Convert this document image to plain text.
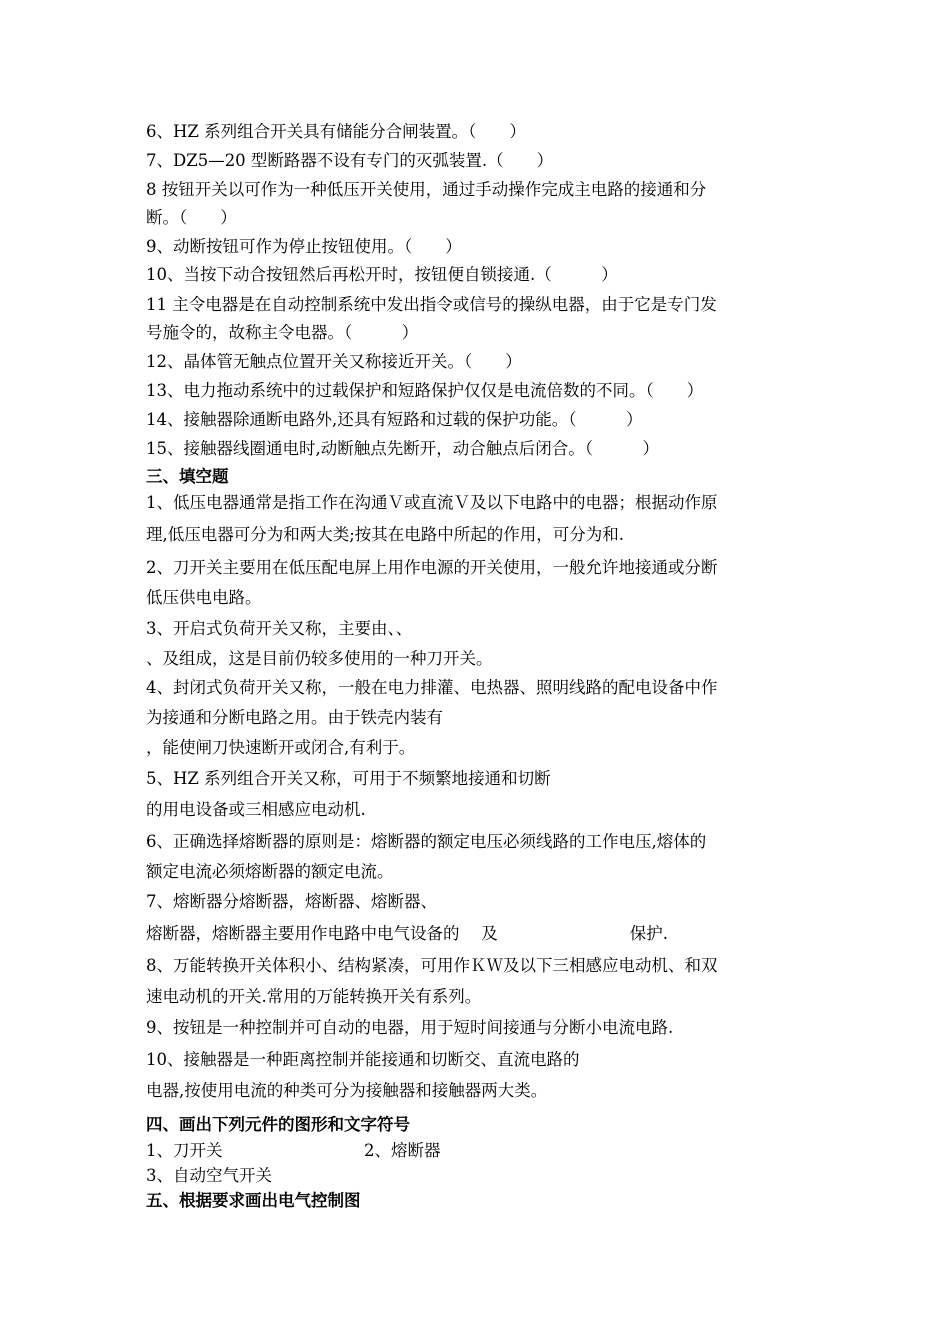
6、HZ 系列组合开关具有储能分合闸装置。（　　）
7、DZ5—20 型断路器不设有专门的灭弧装置.（　　）
8 按钮开关以可作为一种低压开关使用，通过手动操作完成主电路的接通和分
断。（　　）
9、动断按钮可作为停止按钮使用。（　　）
10、当按下动合按钮然后再松开时，按钮便自锁接通.（　　　）
11 主令电器是在自动控制系统中发出指令或信号的操纵电器，由于它是专门发
号施令的，故称主令电器。（　　　）
12、晶体管无触点位置开关又称接近开关。（　　）
13、电力拖动系统中的过载保护和短路保护仅仅是电流倍数的不同。（　　）
14、接触器除通断电路外,还具有短路和过载的保护功能。（　　　）
15、接触器线圈通电时,动断触点先断开，动合触点后闭合。（　　　）
三、填空题
1、低压电器通常是指工作在沟通Ｖ或直流Ｖ及以下电路中的电器；根据动作原
理,低压电器可分为和两大类;按其在电路中所起的作用，可分为和.
2、刀开关主要用在低压配电屏上用作电源的开关使用，一般允许地接通或分断
低压供电电路。
3、开启式负荷开关又称，主要由、、
、及组成，这是目前仍较多使用的一种刀开关。
4、封闭式负荷开关又称，一般在电力排灌、电热器、照明线路的配电设备中作
为接通和分断电路之用。由于铁壳内装有
，能使闸刀快速断开或闭合,有利于。
5、HZ 系列组合开关又称，可用于不频繁地接通和切断
的用电设备或三相感应电动机.
6、正确选择熔断器的原则是：熔断器的额定电压必须线路的工作电压,熔体的
额定电流必须熔断器的额定电流。
7、熔断器分熔断器，熔断器、熔断器、
熔断器，熔断器主要用作电路中电气设备的　 及　　　　　　　　保护.
8、万能转换开关体积小、结构紧凑，可用作ＫＷ及以下三相感应电动机、和双
速电动机的开关.常用的万能转换开关有系列。
9、按钮是一种控制并可自动的电器，用于短时间接通与分断小电流电路.
10、接触器是一种距离控制并能接通和切断交、直流电路的
电器,按使用电流的种类可分为接触器和接触器两大类。
四、画出下列元件的图形和文字符号
1、刀开关	2、熔断器
3、自动空气开关
五、根据要求画出电气控制图
